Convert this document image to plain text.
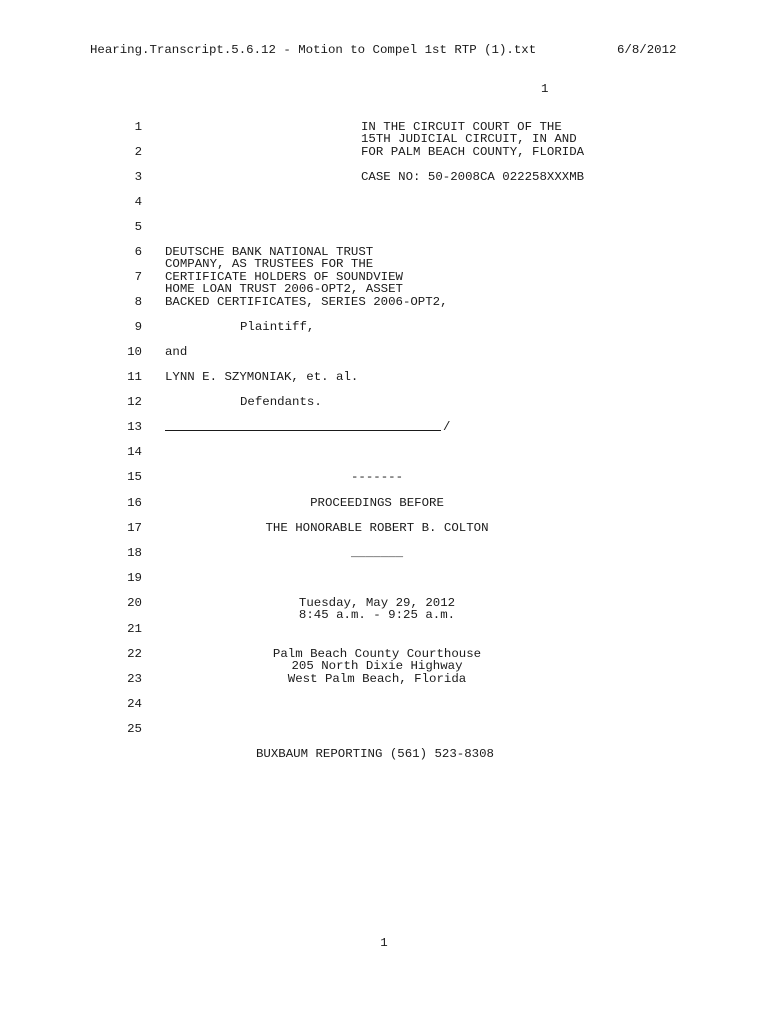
Hearing.Transcript.5.6.12 - Motion to Compel 1st RTP (1).txt	6/8/2012
1
1
2
3
4
5
6
7
8
9
10
11
12
13
14
15
16
17
18
19
20
21
22
23
24
25
IN THE CIRCUIT COURT OF THE
15TH JUDICIAL CIRCUIT, IN AND
FOR PALM BEACH COUNTY, FLORIDA
CASE NO: 50-2008CA 022258XXXMB
DEUTSCHE BANK NATIONAL TRUST
COMPANY, AS TRUSTEES FOR THE
CERTIFICATE HOLDERS OF SOUNDVIEW
HOME LOAN TRUST 2006-OPT2, ASSET
BACKED CERTIFICATES, SERIES 2006-OPT2,
Plaintiff,
and
LYNN E. SZYMONIAK, et. al.
Defendants.
/
-------
PROCEEDINGS BEFORE
THE HONORABLE ROBERT B. COLTON
_______
Tuesday, May 29, 2012
8:45 a.m. - 9:25 a.m.
Palm Beach County Courthouse
205 North Dixie Highway
West Palm Beach, Florida
BUXBAUM REPORTING (561) 523-8308
1
